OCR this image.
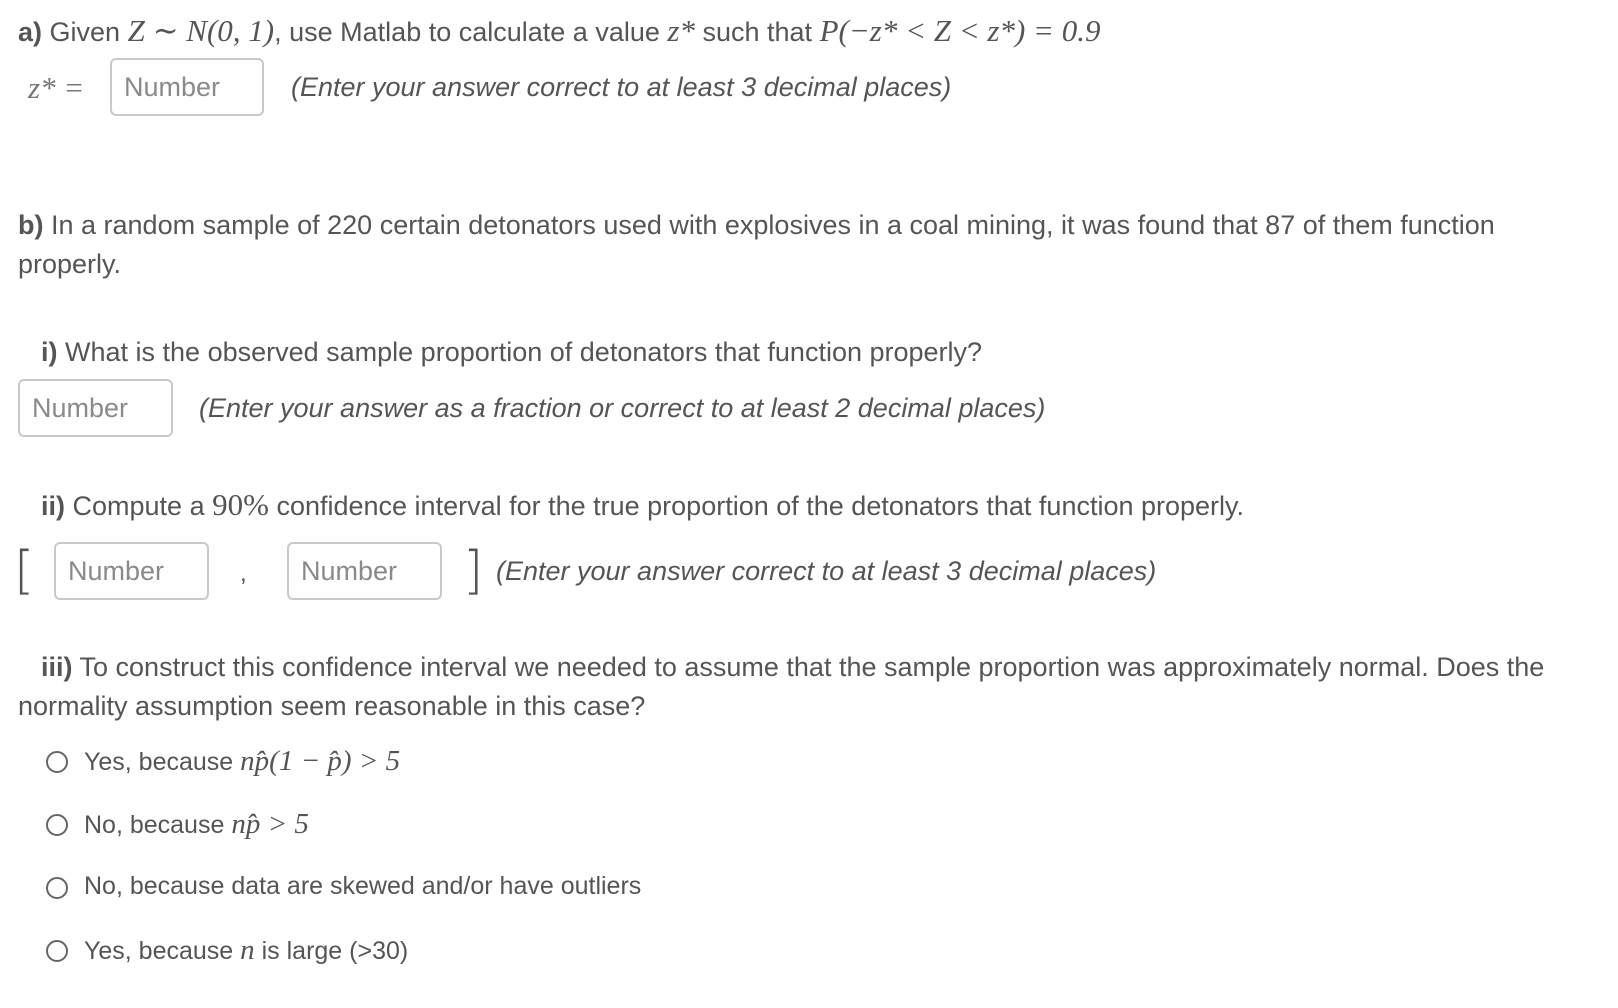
a) Given Z ∼ N(0, 1), use Matlab to calculate a value z* such that P(−z* < Z < z*) = 0.9
z* =
Number	(Enter your answer correct to at least 3 decimal places)
b) In a random sample of 220 certain detonators used with explosives in a coal mining, it was found that 87 of them function
properly.
i) What is the observed sample proportion of detonators that function properly?
Number
(Enter your answer as a fraction or correct to at least 2 decimal places)
ii) Compute a 90% confidence interval for the true proportion of the detonators that function properly.
[
Number	,
Number	] (Enter your answer correct to at least 3 decimal places)
iii) To construct this confidence interval we needed to assume that the sample proportion was approximately normal. Does the
normality assumption seem reasonable in this case?
Yes, because np̂(1 − p̂) > 5
No, because np̂ > 5
No, because data are skewed and/or have outliers
Yes, because n is large (>30)
